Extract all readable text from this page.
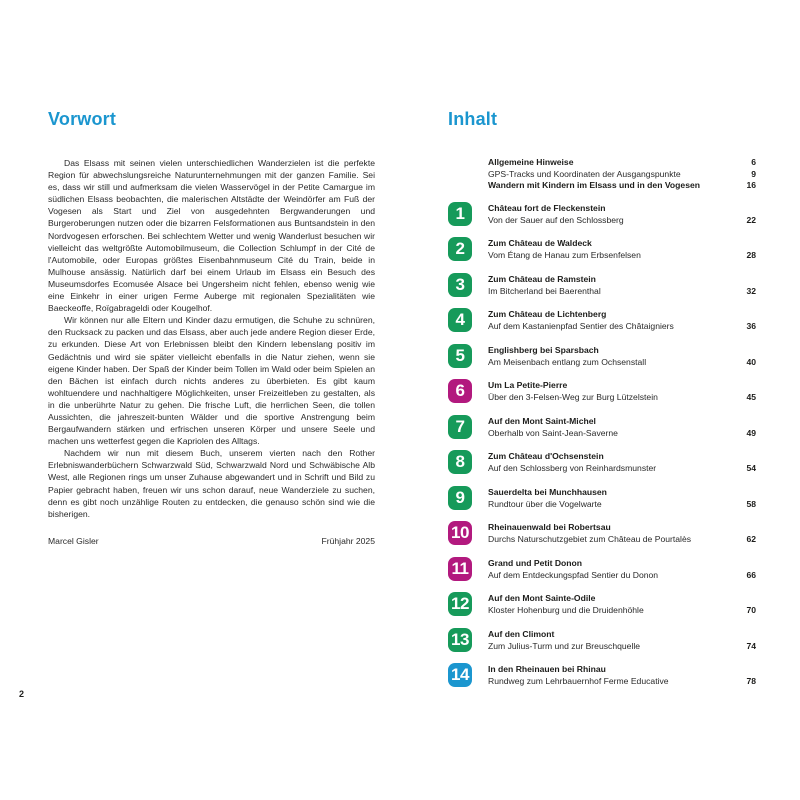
Vorwort

Das Elsass mit seinen vielen unterschiedlichen Wanderzielen ist die perfekte Region für abwechslungsreiche Naturunternehmungen mit der ganzen Familie. Sei es, dass wir still und aufmerksam die vielen Wasservögel in der Petite Camargue im südlichen Elsass beobachten, die malerischen Altstädte der Weindörfer am Fuß der Vogesen als Start und Ziel von ausgedehnten Bergwanderungen und Burgeroberungen nutzen oder die bizarren Felsformationen aus Buntsandstein in den Nordvogesen erforschen. Bei schlechtem Wetter und wenig Wanderlust besuchen wir vielleicht das weltgrößte Automobilmuseum, die Collection Schlumpf in der Cité de l'Automobile, oder Europas größtes Eisenbahnmuseum Cité du Train, beide in Mulhouse ansässig. Natürlich darf bei einem Urlaub im Elsass ein Besuch des Museumsdorfes Ecomusée Alsace bei Ungersheim nicht fehlen, ebenso wenig wie eine Einkehr in einer urigen Ferme Auberge mit regionalen Spezialitäten wie Baeckeoffe, Roïgabrageldi oder Kougelhof.

Wir können nur alle Eltern und Kinder dazu ermutigen, die Schuhe zu schnüren, den Rucksack zu packen und das Elsass, aber auch jede andere Region dieser Erde, zu erkunden. Diese Art von Erlebnissen bleibt den Kindern lebenslang positiv im Gedächtnis und wird sie später vielleicht ebenfalls in die Natur ziehen, wenn sie eigene Kinder haben. Der Spaß der Kinder beim Tollen im Wald oder beim Spielen an den Bächen ist einfach durch nichts anderes zu überbieten. Es gibt kaum wohltuendere und nachhaltigere Möglichkeiten, unser Freizeitleben zu gestalten, als in die unberührte Natur zu gehen. Die frische Luft, die herrlichen Seen, die tollen Aussichten, die jahreszeit-bunten Wälder und die sportive Anstrengung beim Bergaufwandern stärken und erfrischen unseren Körper und unsere Seele und machen uns wetterfest gegen die Kapriolen des Alltags.

Nachdem wir nun mit diesem Buch, unserem vierten nach den Rother Erlebniswanderbüchern Schwarzwald Süd, Schwarzwald Nord und Schwäbische Alb West, alle Regionen rings um unser Zuhause abgewandert und in Schrift und Bild zu Papier gebracht haben, freuen wir uns schon darauf, neue Wanderziele zu suchen, denn es gibt noch unzählige Routen zu entdecken, die genauso schön sind wie die bisherigen.

Marcel Gisler	Frühjahr 2025
2
Inhalt
Allgemeine Hinweise	6
GPS-Tracks und Koordinaten der Ausgangspunkte	9
Wandern mit Kindern im Elsass und in den Vogesen	16
1	Château fort de Fleckenstein
Von der Sauer auf den Schlossberg	22
2	Zum Château de Waldeck
Vom Étang de Hanau zum Erbsenfelsen	28
3	Zum Château de Ramstein
Im Bitcherland bei Baerenthal	32
4	Zum Château de Lichtenberg
Auf dem Kastanienpfad Sentier des Châtaigniers	36
5	Englishberg bei Sparsbach
Am Meisenbach entlang zum Ochsenstall	40
6	Um La Petite-Pierre
Über den 3-Felsen-Weg zur Burg Lützelstein	45
7	Auf den Mont Saint-Michel
Oberhalb von Saint-Jean-Saverne	49
8	Zum Château d'Ochsenstein
Auf den Schlossberg von Reinhardsmunster	54
9	Sauerdelta bei Munchhausen
Rundtour über die Vogelwarte	58
10	Rheinauenwald bei Robertsau
Durchs Naturschutzgebiet zum Château de Pourtalès	62
11	Grand und Petit Donon
Auf dem Entdeckungspfad Sentier du Donon	66
12	Auf den Mont Sainte-Odile
Kloster Hohenburg und die Druidenhöhle	70
13	Auf den Climont
Zum Julius-Turm und zur Breuschquelle	74
14	In den Rheinauen bei Rhinau
Rundweg zum Lehrbauernhof Ferme Educative	78
